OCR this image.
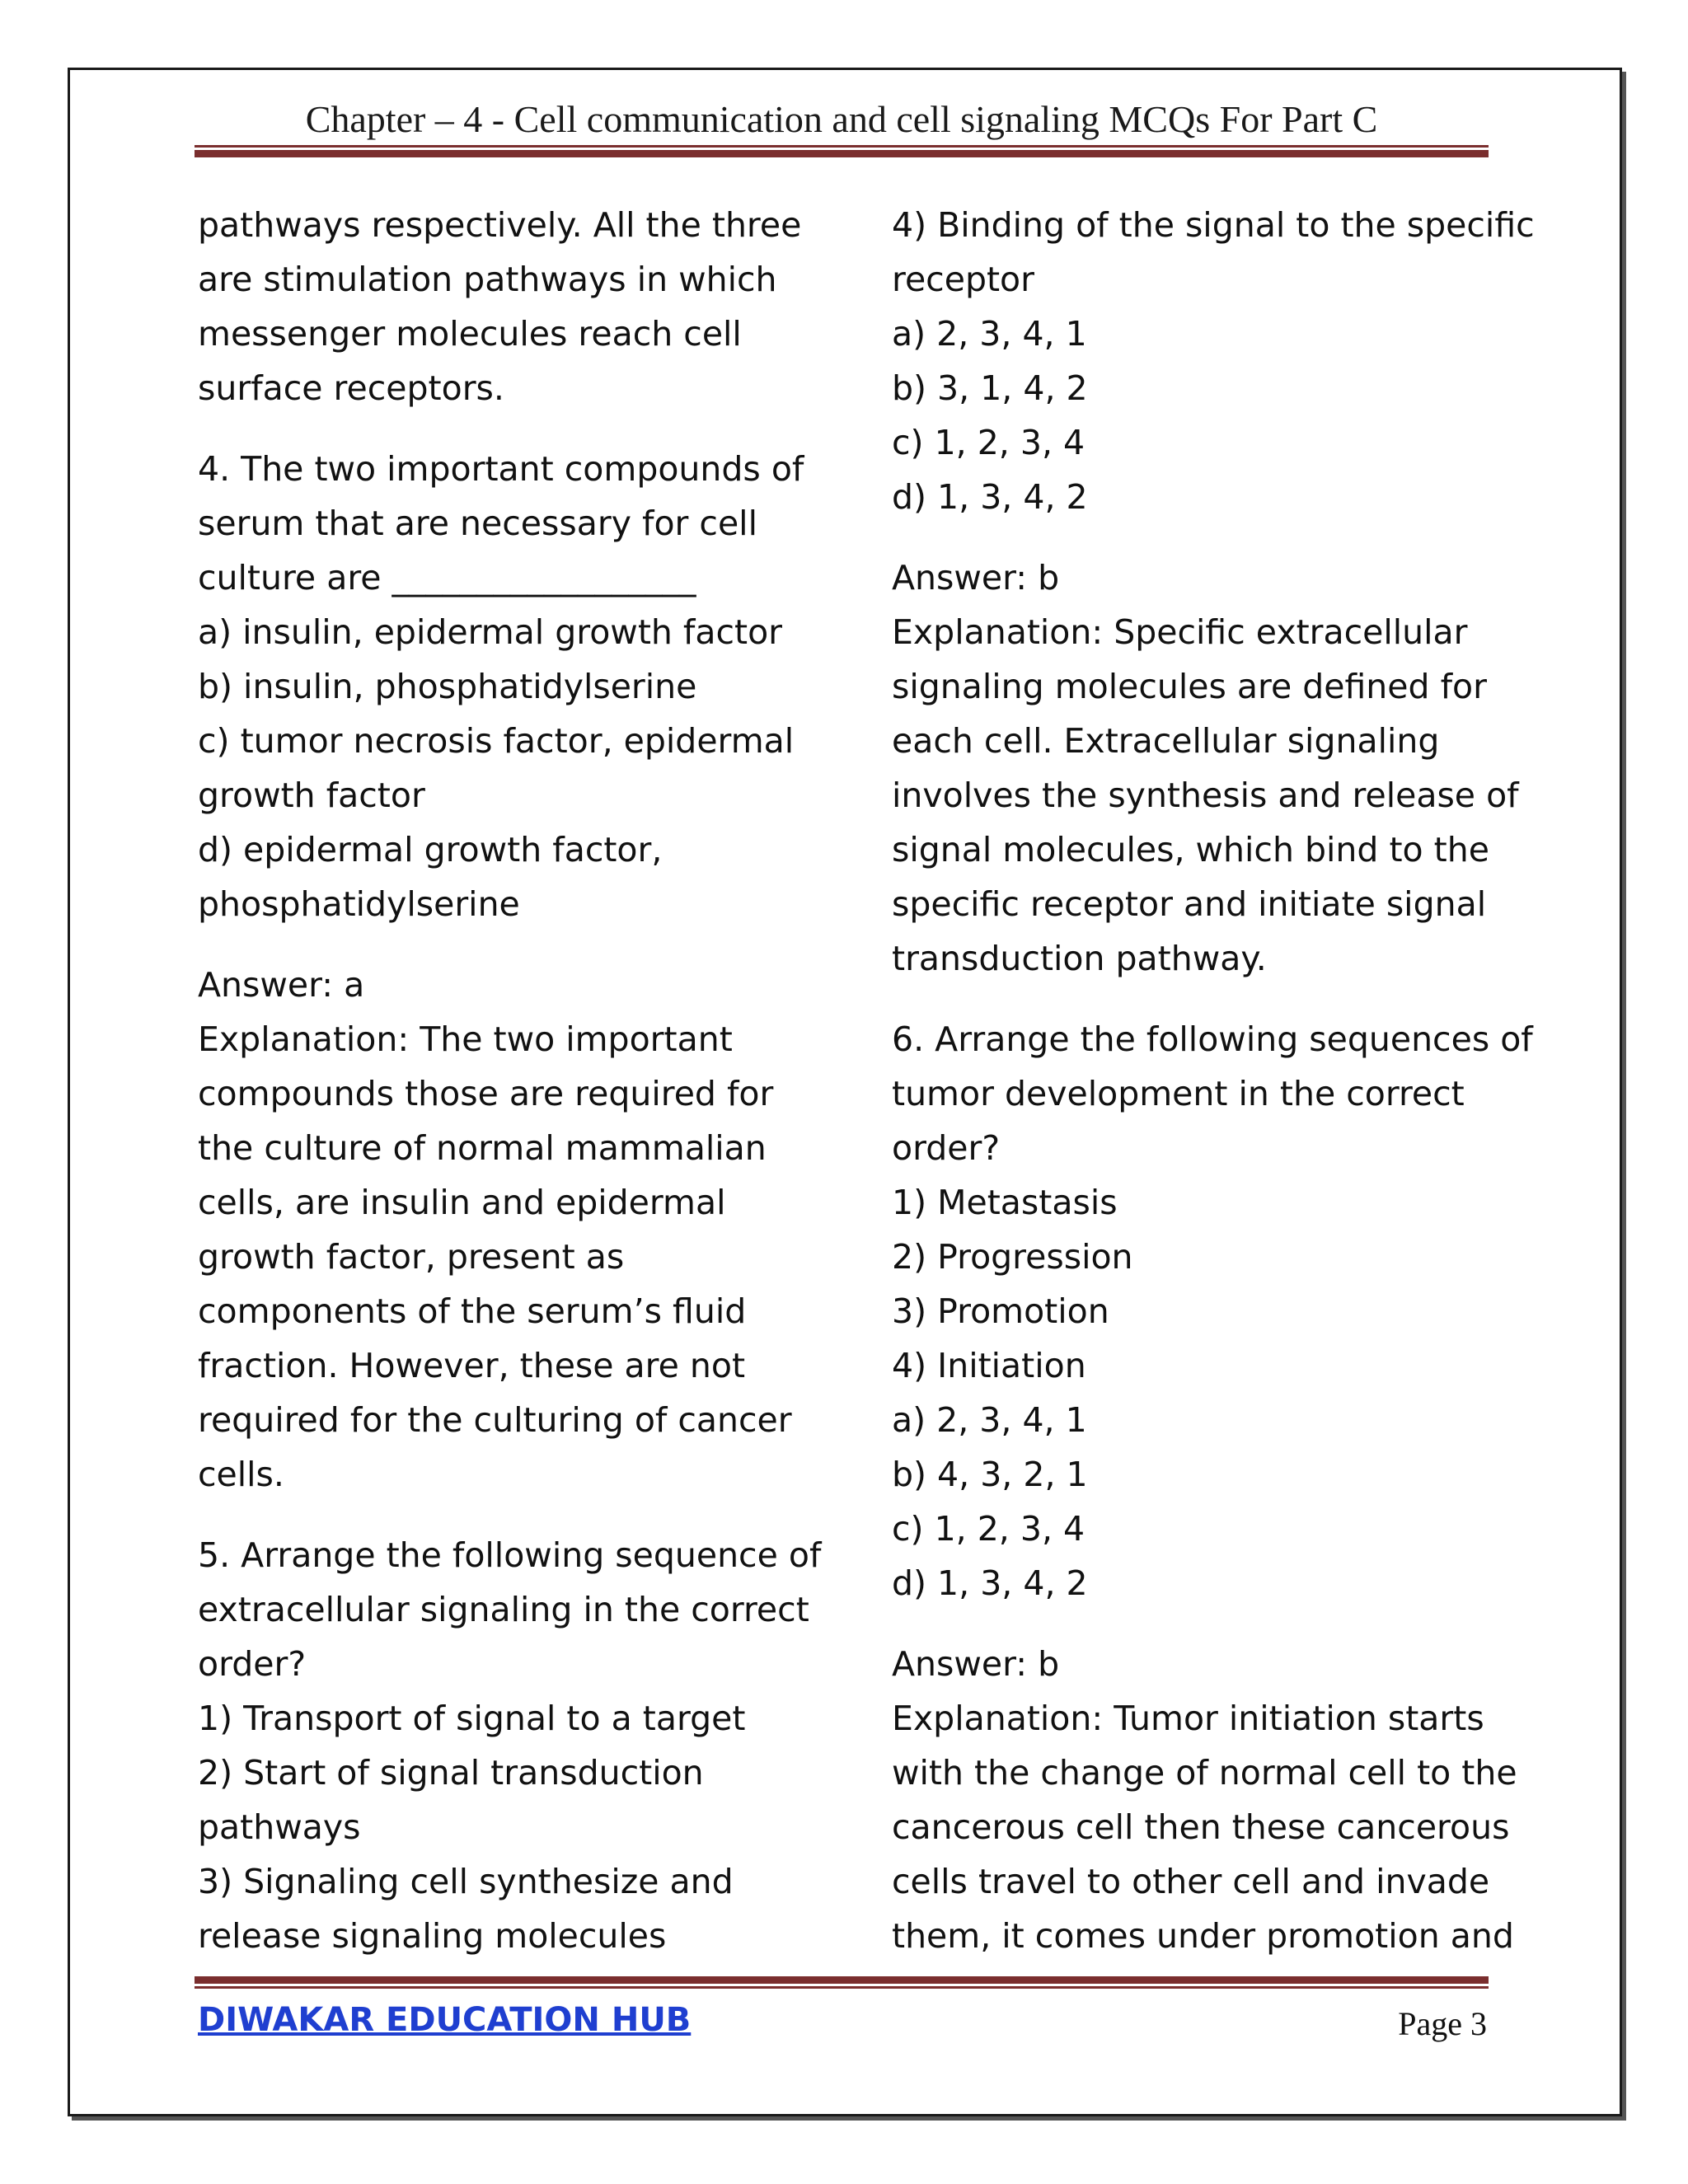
Chapter – 4 - Cell communication and cell signaling MCQs For Part C
pathways respectively. All the three
are stimulation pathways in which
messenger molecules reach cell
surface receptors.
4. The two important compounds of
serum that are necessary for cell
culture are __________________
a) insulin, epidermal growth factor
b) insulin, phosphatidylserine
c) tumor necrosis factor, epidermal
growth factor
d) epidermal growth factor,
phosphatidylserine
Answer: a
Explanation: The two important
compounds those are required for
the culture of normal mammalian
cells, are insulin and epidermal
growth factor, present as
components of the serum’s fluid
fraction. However, these are not
required for the culturing of cancer
cells.
5. Arrange the following sequence of
extracellular signaling in the correct
order?
1) Transport of signal to a target
2) Start of signal transduction
pathways
3) Signaling cell synthesize and
release signaling molecules
4) Binding of the signal to the specific
receptor
a) 2, 3, 4, 1
b) 3, 1, 4, 2
c) 1, 2, 3, 4
d) 1, 3, 4, 2
Answer: b
Explanation: Specific extracellular
signaling molecules are defined for
each cell. Extracellular signaling
involves the synthesis and release of
signal molecules, which bind to the
specific receptor and initiate signal
transduction pathway.
6. Arrange the following sequences of
tumor development in the correct
order?
1) Metastasis
2) Progression
3) Promotion
4) Initiation
a) 2, 3, 4, 1
b) 4, 3, 2, 1
c) 1, 2, 3, 4
d) 1, 3, 4, 2
Answer: b
Explanation: Tumor initiation starts
with the change of normal cell to the
cancerous cell then these cancerous
cells travel to other cell and invade
them, it comes under promotion and
DIWAKAR EDUCATION HUB	Page 3
